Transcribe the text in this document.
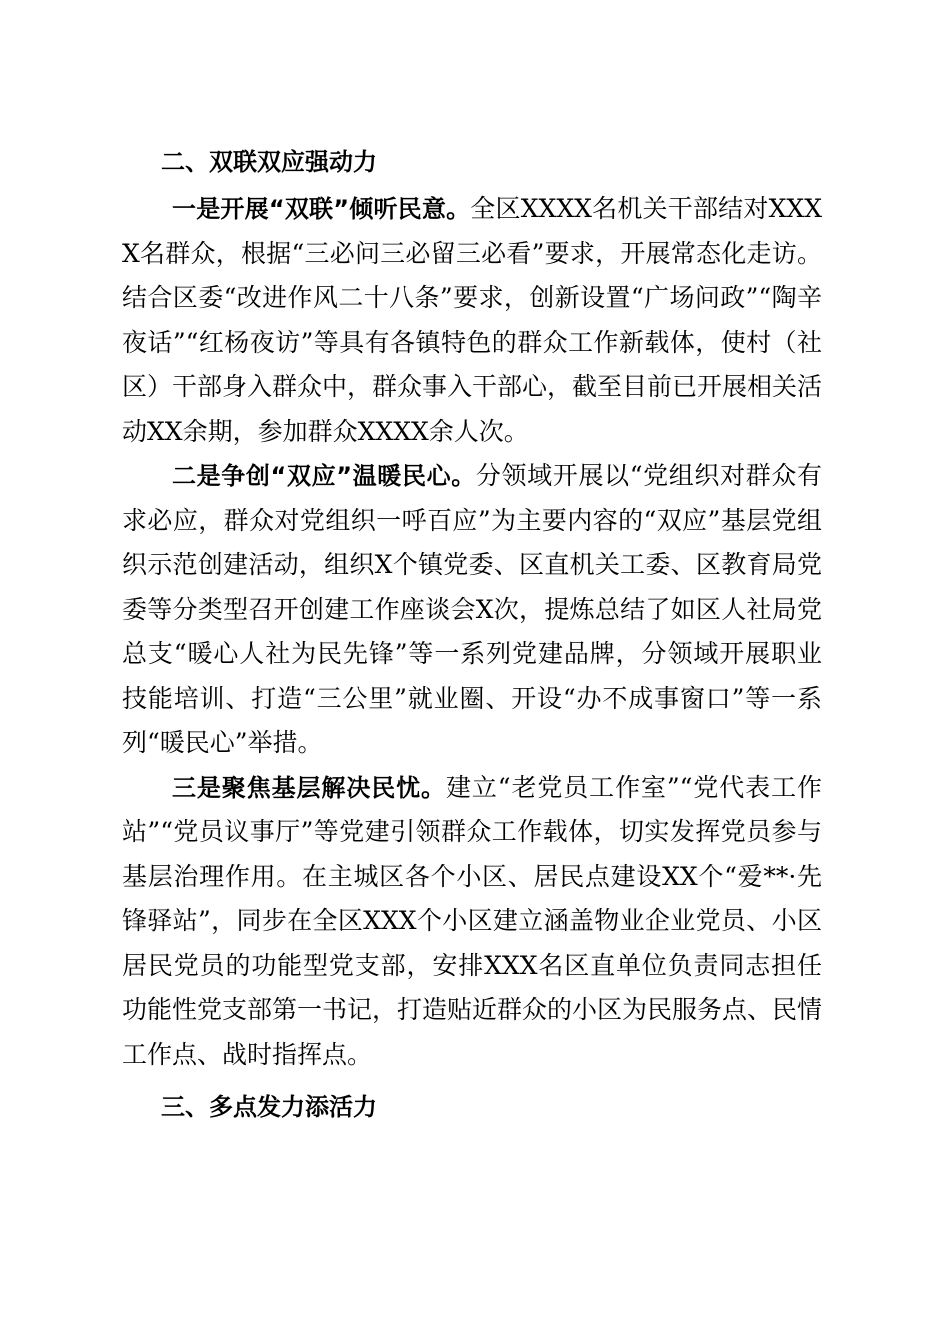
二、双联双应强动力

一是开展“双联”倾听民意。全区XXXX名机关干部结对XXXX名群众，根据“三必问三必留三必看”要求，开展常态化走访。结合区委“改进作风二十八条”要求，创新设置“广场问政”“陶辛夜话”“红杨夜访”等具有各镇特色的群众工作新载体，使村（社区）干部身入群众中，群众事入干部心，截至目前已开展相关活动XX余期，参加群众XXXX余人次。

二是争创“双应”温暖民心。分领域开展以“党组织对群众有求必应，群众对党组织一呼百应”为主要内容的“双应”基层党组织示范创建活动，组织X个镇党委、区直机关工委、区教育局党委等分类型召开创建工作座谈会X次，提炼总结了如区人社局党总支“暖心人社为民先锋”等一系列党建品牌，分领域开展职业技能培训、打造“三公里”就业圈、开设“办不成事窗口”等一系列“暖民心”举措。

三是聚焦基层解决民忧。建立“老党员工作室”“党代表工作站”“党员议事厅”等党建引领群众工作载体，切实发挥党员参与基层治理作用。在主城区各个小区、居民点建设XX个“爱**·先锋驿站”，同步在全区XXX个小区建立涵盖物业企业党员、小区居民党员的功能型党支部，安排XXX名区直单位负责同志担任功能性党支部第一书记，打造贴近群众的小区为民服务点、民情工作点、战时指挥点。

三、多点发力添活力
